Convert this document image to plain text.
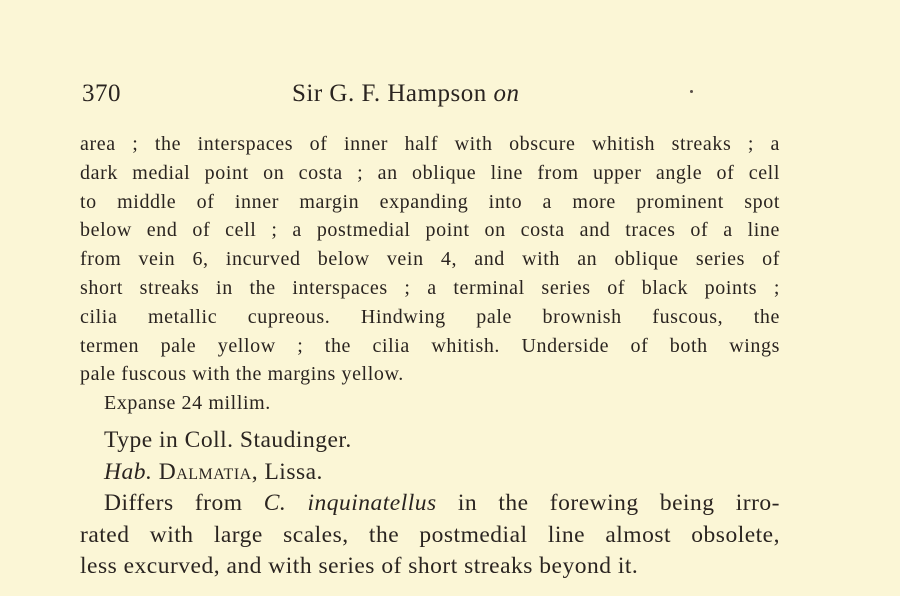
370	Sir G. F. Hampson on
area ; the interspaces of inner half with obscure whitish streaks ; a
dark medial point on costa ; an oblique line from upper angle of cell
to middle of inner margin expanding into a more prominent spot
below end of cell ; a postmedial point on costa and traces of a line
from vein 6, incurved below vein 4, and with an oblique series of
short streaks in the interspaces ; a terminal series of black points ;
cilia metallic cupreous. Hindwing pale brownish fuscous, the
termen pale yellow ; the cilia whitish. Underside of both wings
pale fuscous with the margins yellow.
Expanse 24 millim.
Type in Coll. Staudinger.
Hab. Dalmatia, Lissa.
Differs from C. inquinatellus in the forewing being irro-
rated with large scales, the postmedial line almost obsolete,
less excurved, and with series of short streaks beyond it.
